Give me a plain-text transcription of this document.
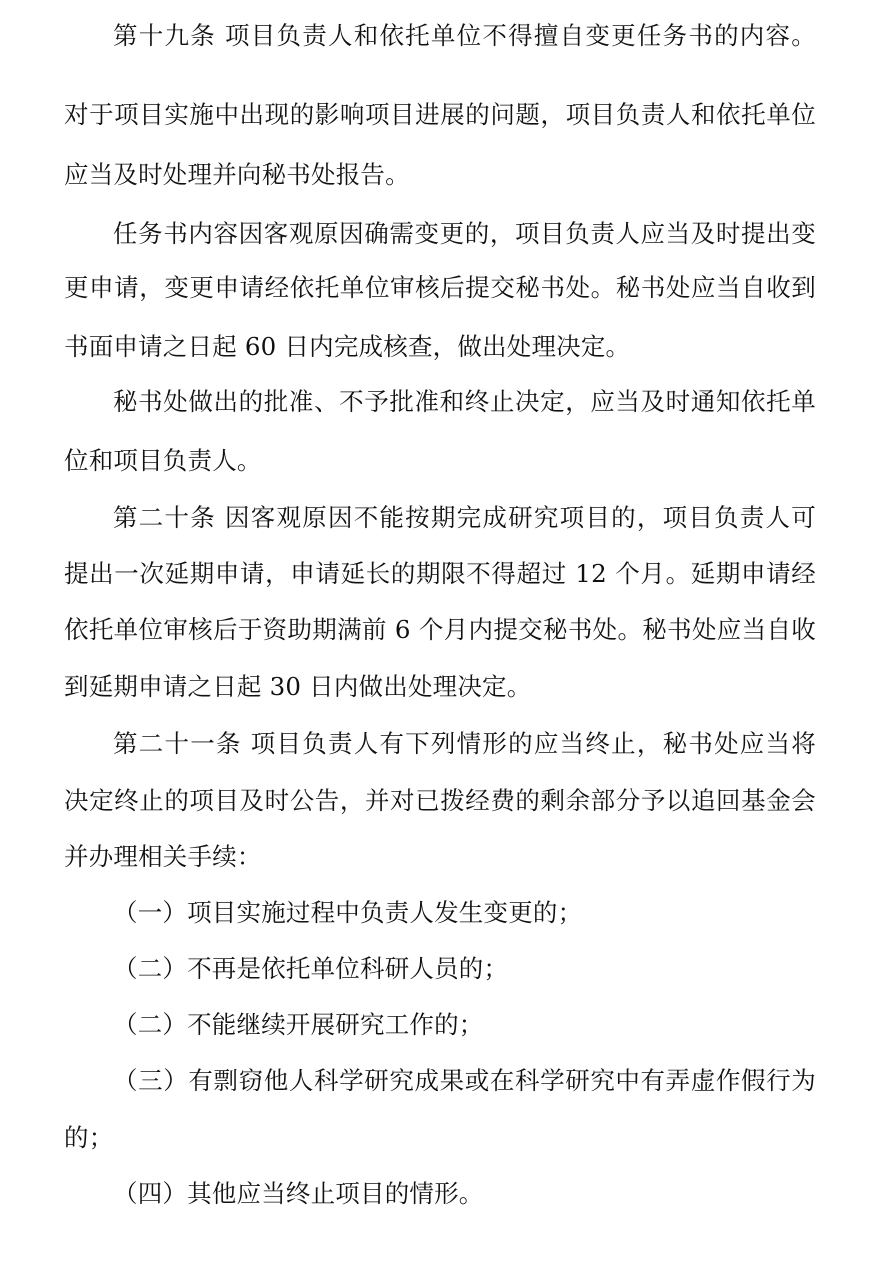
第十九条 项目负责人和依托单位不得擅自变更任务书的内容。
对于项目实施中出现的影响项目进展的问题，项目负责人和依托单位
应当及时处理并向秘书处报告。
任务书内容因客观原因确需变更的，项目负责人应当及时提出变
更申请，变更申请经依托单位审核后提交秘书处。秘书处应当自收到
书面申请之日起 60 日内完成核查，做出处理决定。
秘书处做出的批准、不予批准和终止决定，应当及时通知依托单
位和项目负责人。
第二十条 因客观原因不能按期完成研究项目的，项目负责人可
提出一次延期申请，申请延长的期限不得超过 12 个月。延期申请经
依托单位审核后于资助期满前 6 个月内提交秘书处。秘书处应当自收
到延期申请之日起 30 日内做出处理决定。
第二十一条 项目负责人有下列情形的应当终止，秘书处应当将
决定终止的项目及时公告，并对已拨经费的剩余部分予以追回基金会
并办理相关手续：
（一）项目实施过程中负责人发生变更的；
（二）不再是依托单位科研人员的；
（二）不能继续开展研究工作的；
（三）有剽窃他人科学研究成果或在科学研究中有弄虚作假行为
的；
（四）其他应当终止项目的情形。
